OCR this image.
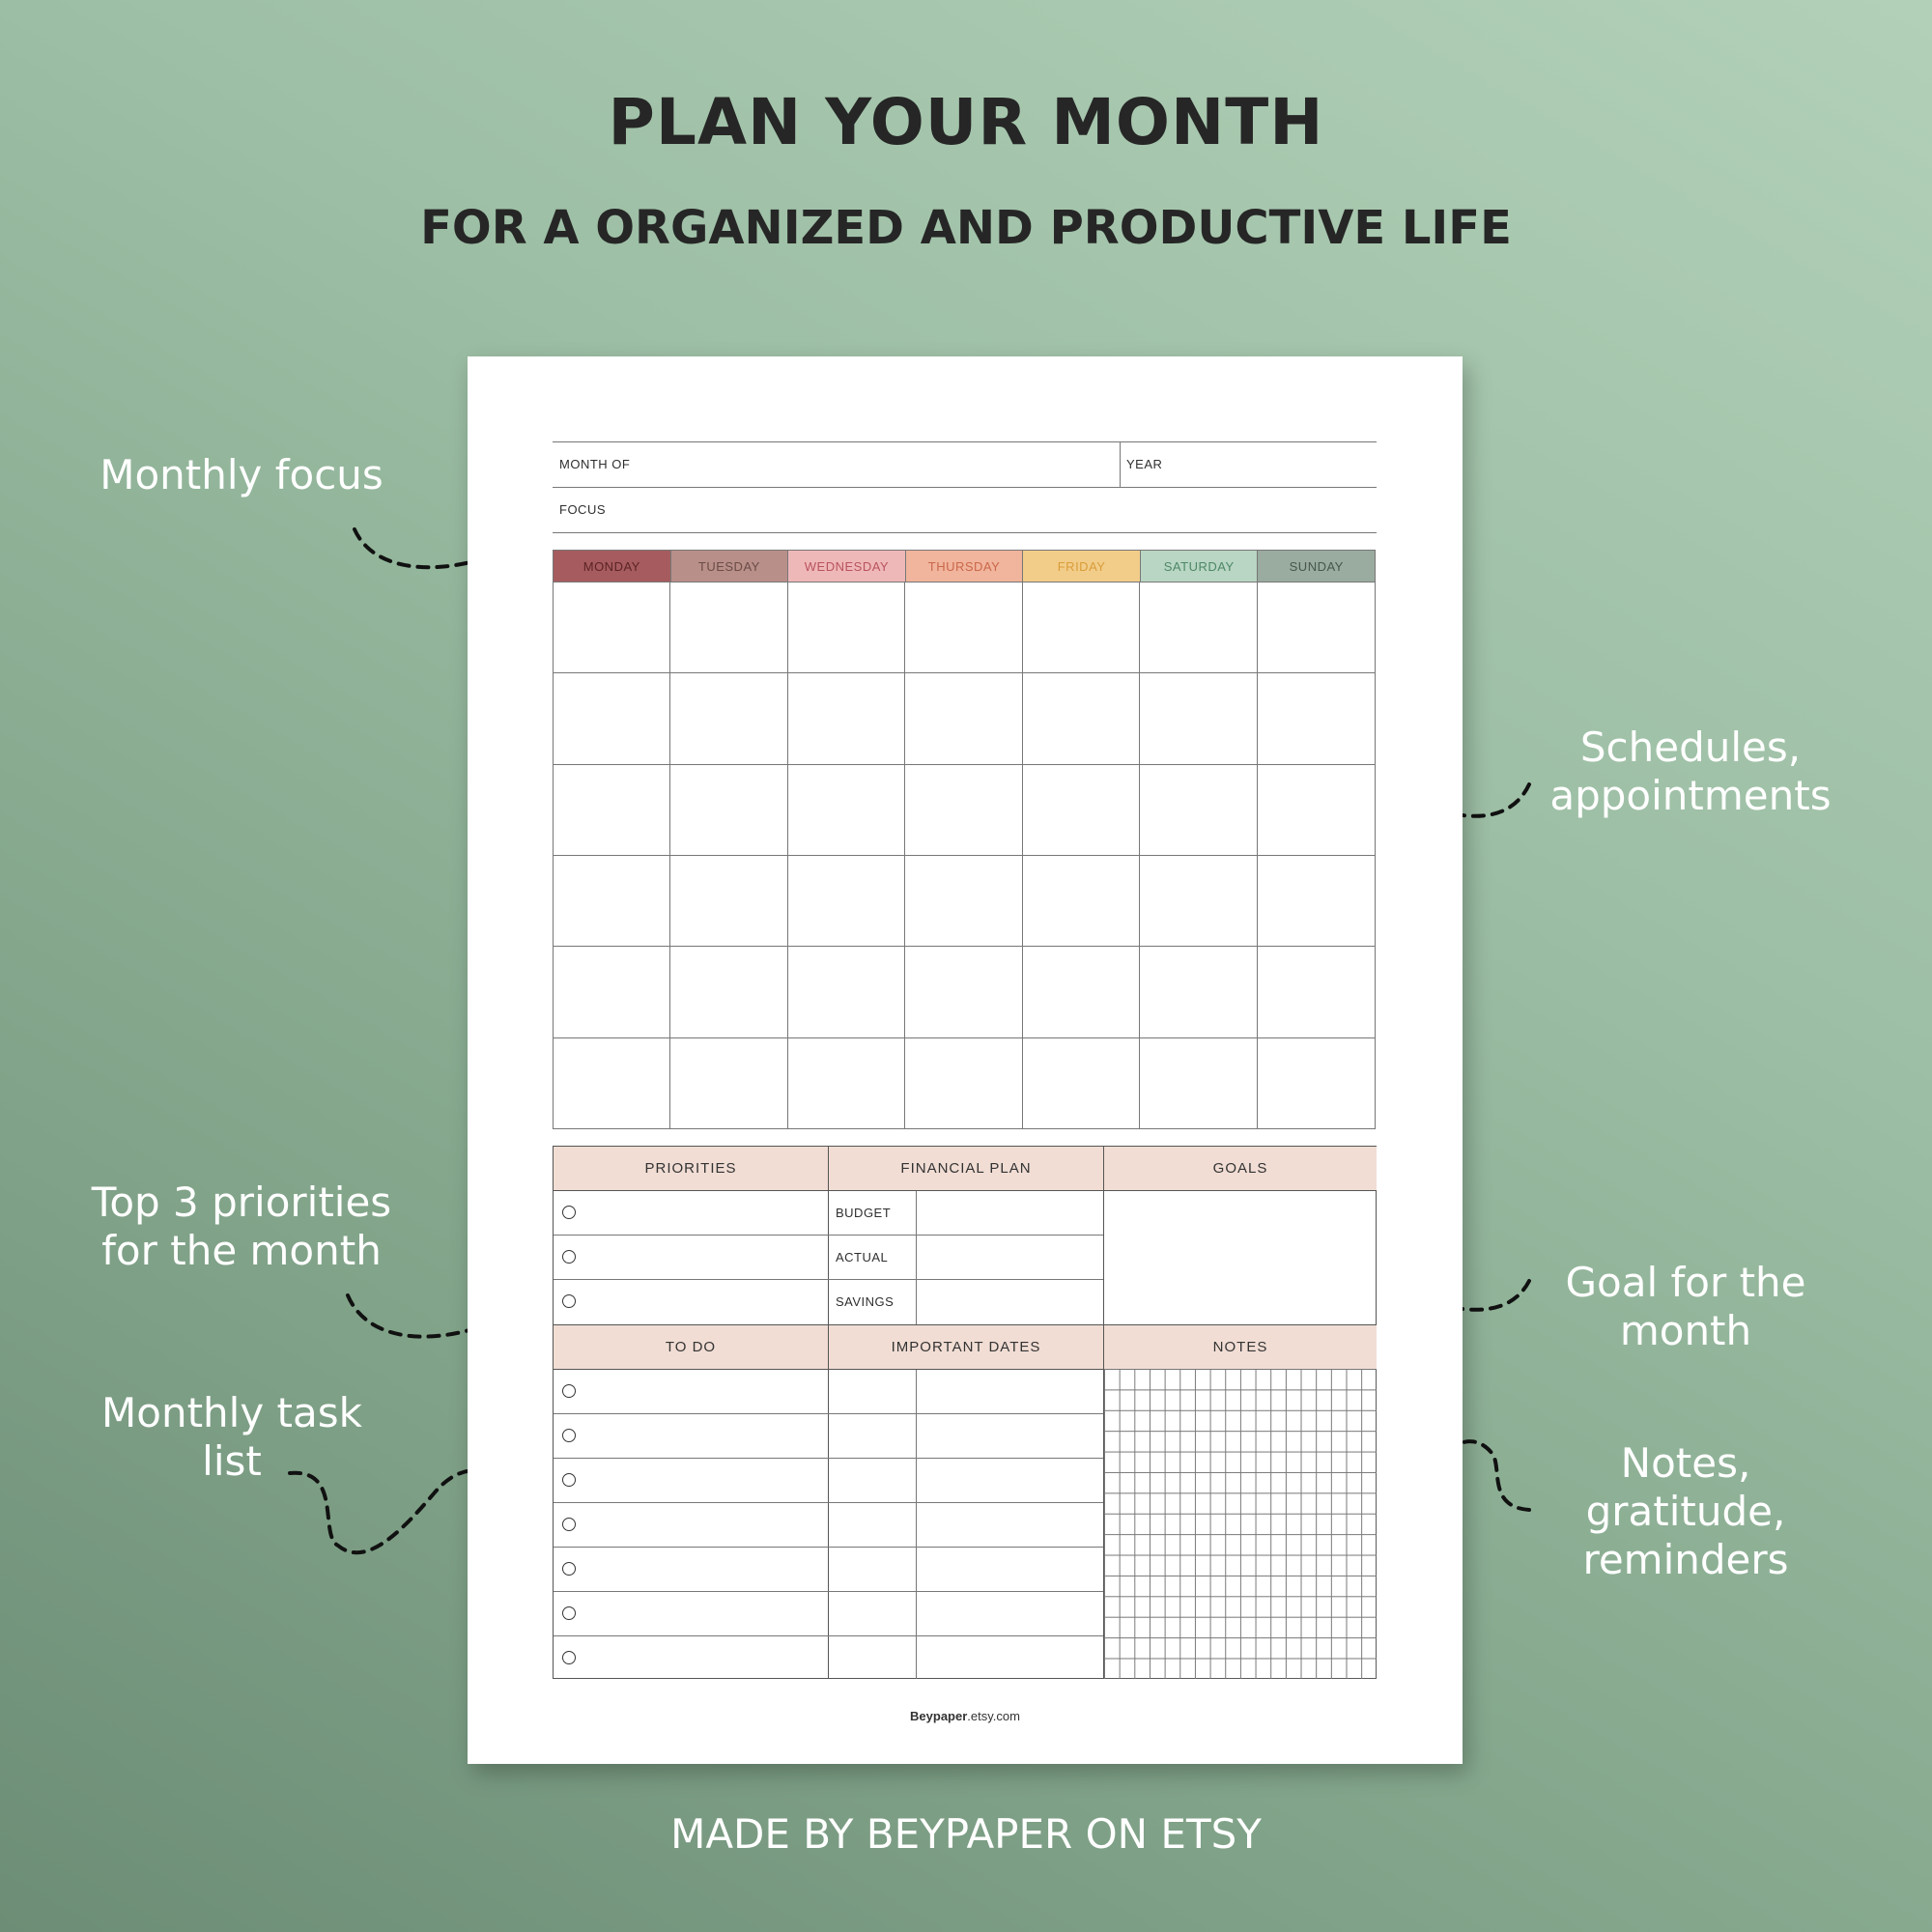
PLAN YOUR MONTH
FOR A ORGANIZED AND PRODUCTIVE LIFE
Monthly focus
Schedules,
appointments
Top 3 priorities
for the month
Goal for the
month
Monthly task
list	Notes,
gratitude,
reminders
MONTH OF	YEAR
FOCUS
MONDAY	TUESDAY	WEDNESDAY	THURSDAY	FRIDAY	SATURDAY	SUNDAY
PRIORITIES	FINANCIAL PLAN	GOALS
TO DO	IMPORTANT DATES	NOTES
BUDGET
ACTUAL
SAVINGS
Beypaper.etsy.com
MADE BY BEYPAPER ON ETSY
